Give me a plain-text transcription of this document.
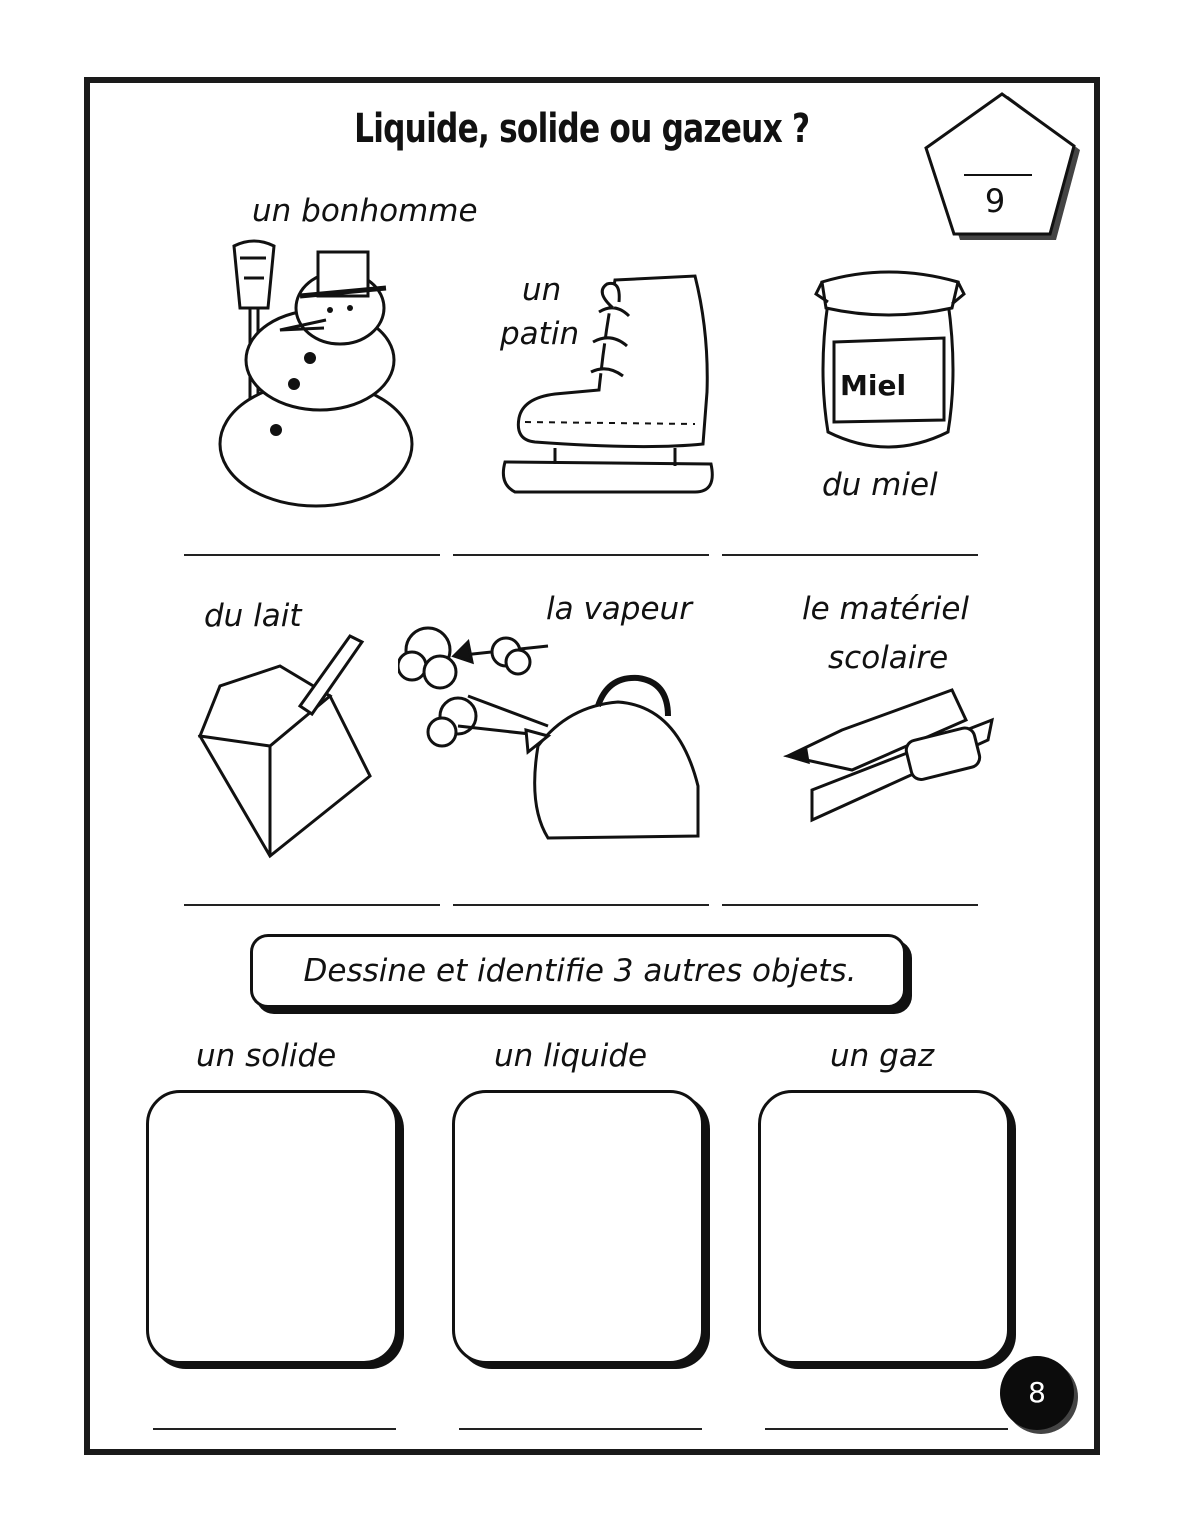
Liquide, solide ou gazeux ?
9
un bonhomme
un
patin
du miel
Miel
du lait	la vapeur	le matériel
scolaire
Dessine et identifie 3 autres objets.
un solide	un liquide	un gaz
8
